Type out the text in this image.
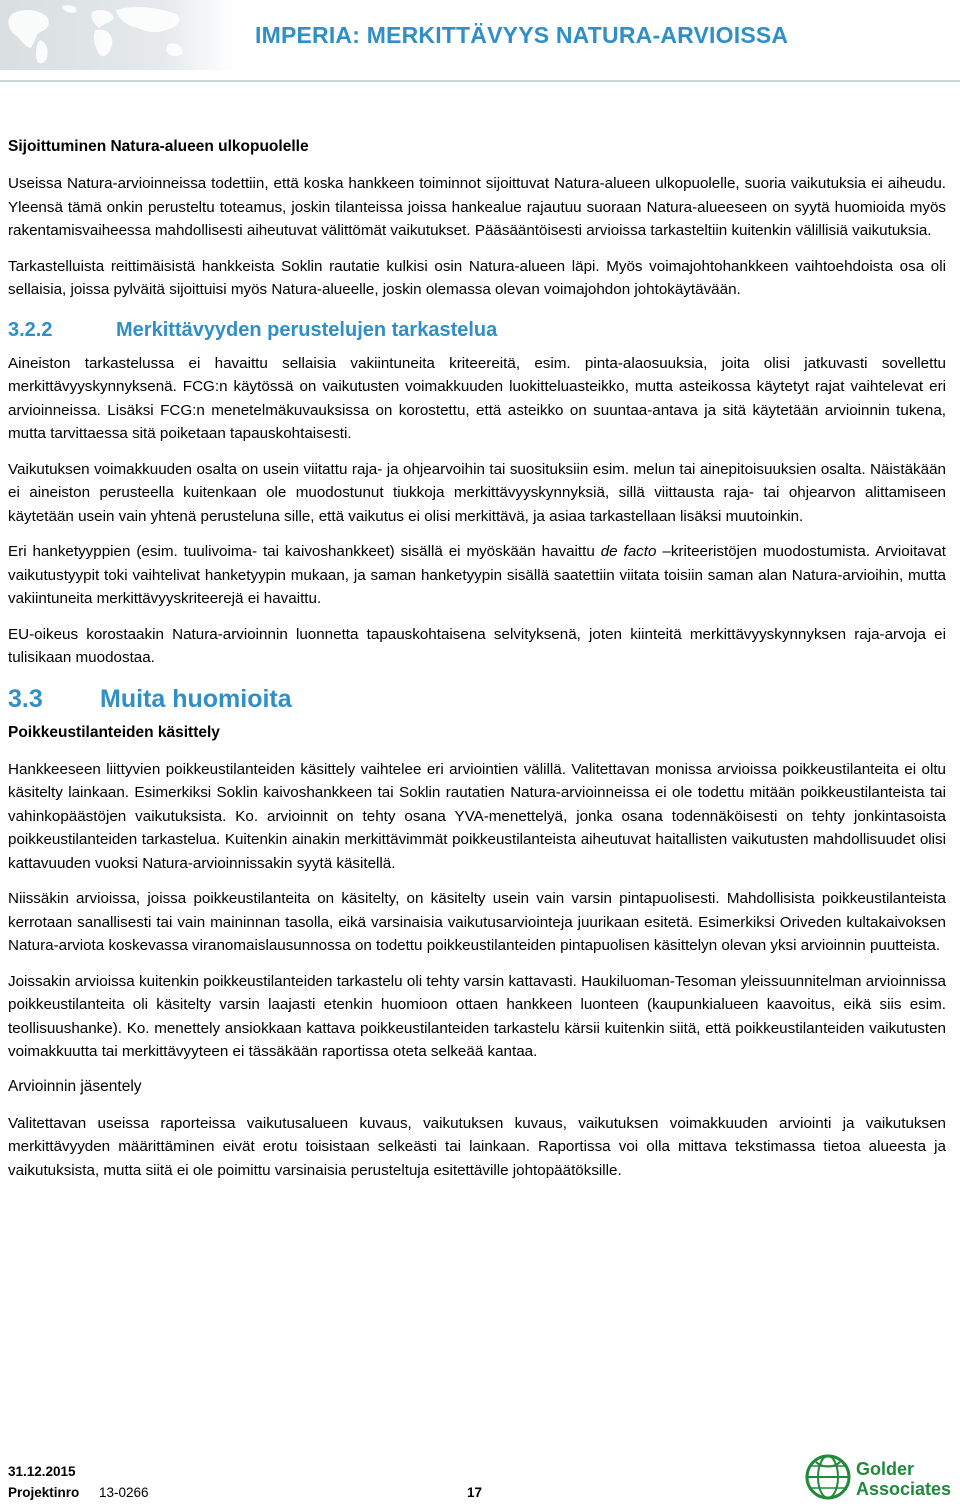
IMPERIA: MERKITTÄVYYS NATURA-ARVIOISSA
Sijoittuminen Natura-alueen ulkopuolelle

Useissa Natura-arvioinneissa todettiin, että koska hankkeen toiminnot sijoittuvat Natura-alueen ulkopuolelle, suoria vaikutuksia ei aiheudu. Yleensä tämä onkin perusteltu toteamus, joskin tilanteissa joissa hankealue rajautuu suoraan Natura-alueeseen on syytä huomioida myös rakentamisvaiheessa mahdollisesti aiheutuvat välittömät vaikutukset. Pääsääntöisesti arvioissa tarkasteltiin kuitenkin välillisiä vaikutuksia.

Tarkastelluista reittimäisistä hankkeista Soklin rautatie kulkisi osin Natura-alueen läpi. Myös voimajohtohankkeen vaihtoehdoista osa oli sellaisia, joissa pylväitä sijoittuisi myös Natura-alueelle, joskin olemassa olevan voimajohdon johtokäytävään.

3.2.2	Merkittävyyden perustelujen tarkastelua

Aineiston tarkastelussa ei havaittu sellaisia vakiintuneita kriteereitä, esim. pinta-alaosuuksia, joita olisi jatkuvasti sovellettu merkittävyyskynnyksenä. FCG:n käytössä on vaikutusten voimakkuuden luokitteluasteikko, mutta asteikossa käytetyt rajat vaihtelevat eri arvioinneissa. Lisäksi FCG:n menetelmäkuvauksissa on korostettu, että asteikko on suuntaa-antava ja sitä käytetään arvioinnin tukena, mutta tarvittaessa sitä poiketaan tapauskohtaisesti.

Vaikutuksen voimakkuuden osalta on usein viitattu raja- ja ohjearvoihin tai suosituksiin esim. melun tai ainepitoisuuksien osalta. Näistäkään ei aineiston perusteella kuitenkaan ole muodostunut tiukkoja merkittävyyskynnyksiä, sillä viittausta raja- tai ohjearvon alittamiseen käytetään usein vain yhtenä perusteluna sille, että vaikutus ei olisi merkittävä, ja asiaa tarkastellaan lisäksi muutoinkin.

Eri hanketyyppien (esim. tuulivoima- tai kaivoshankkeet) sisällä ei myöskään havaittu de facto –kriteeristöjen muodostumista. Arvioitavat vaikutustyypit toki vaihtelivat hanketyypin mukaan, ja saman hanketyypin sisällä saatettiin viitata toisiin saman alan Natura-arvioihin, mutta vakiintuneita merkittävyyskriteerejä ei havaittu.

EU-oikeus korostaakin Natura-arvioinnin luonnetta tapauskohtaisena selvityksenä, joten kiinteitä merkittävyyskynnyksen raja-arvoja ei tulisikaan muodostaa.

3.3	Muita huomioita
Poikkeustilanteiden käsittely

Hankkeeseen liittyvien poikkeustilanteiden käsittely vaihtelee eri arviointien välillä. Valitettavan monissa arvioissa poikkeustilanteita ei oltu käsitelty lainkaan. Esimerkiksi Soklin kaivoshankkeen tai Soklin rautatien Natura-arvioinneissa ei ole todettu mitään poikkeustilanteista tai vahinkopäästöjen vaikutuksista. Ko. arvioinnit on tehty osana YVA-menettelyä, jonka osana todennäköisesti on tehty jonkintasoista poikkeustilanteiden tarkastelua. Kuitenkin ainakin merkittävimmät poikkeustilanteista aiheutuvat haitallisten vaikutusten mahdollisuudet olisi kattavuuden vuoksi Natura-arvioinnissakin syytä käsitellä.

Niissäkin arvioissa, joissa poikkeustilanteita on käsitelty, on käsitelty usein vain varsin pintapuolisesti. Mahdollisista poikkeustilanteista kerrotaan sanallisesti tai vain maininnan tasolla, eikä varsinaisia vaikutusarviointeja juurikaan esitetä. Esimerkiksi Oriveden kultakaivoksen Natura-arviota koskevassa viranomaislausunnossa on todettu poikkeustilanteiden pintapuolisen käsittelyn olevan yksi arvioinnin puutteista.

Joissakin arvioissa kuitenkin poikkeustilanteiden tarkastelu oli tehty varsin kattavasti. Haukiluoman-Tesoman yleissuunnitelman arvioinnissa poikkeustilanteita oli käsitelty varsin laajasti etenkin huomioon ottaen hankkeen luonteen (kaupunkialueen kaavoitus, eikä siis esim. teollisuushanke). Ko. menettely ansiokkaan kattava poikkeustilanteiden tarkastelu kärsii kuitenkin siitä, että poikkeustilanteiden vaikutusten voimakkuutta tai merkittävyyteen ei tässäkään raportissa oteta selkeää kantaa.

Arvioinnin jäsentely

Valitettavan useissa raporteissa vaikutusalueen kuvaus, vaikutuksen kuvaus, vaikutuksen voimakkuuden arviointi ja vaikutuksen merkittävyyden määrittäminen eivät erotu toisistaan selkeästi tai lainkaan. Raportissa voi olla mittava tekstimassa tietoa alueesta ja vaikutuksista, mutta siitä ei ole poimittu varsinaisia perusteltuja esitettäville johtopäätöksille.

31.12.2015
Projektinro 13-0266	17
Golder
Associates
